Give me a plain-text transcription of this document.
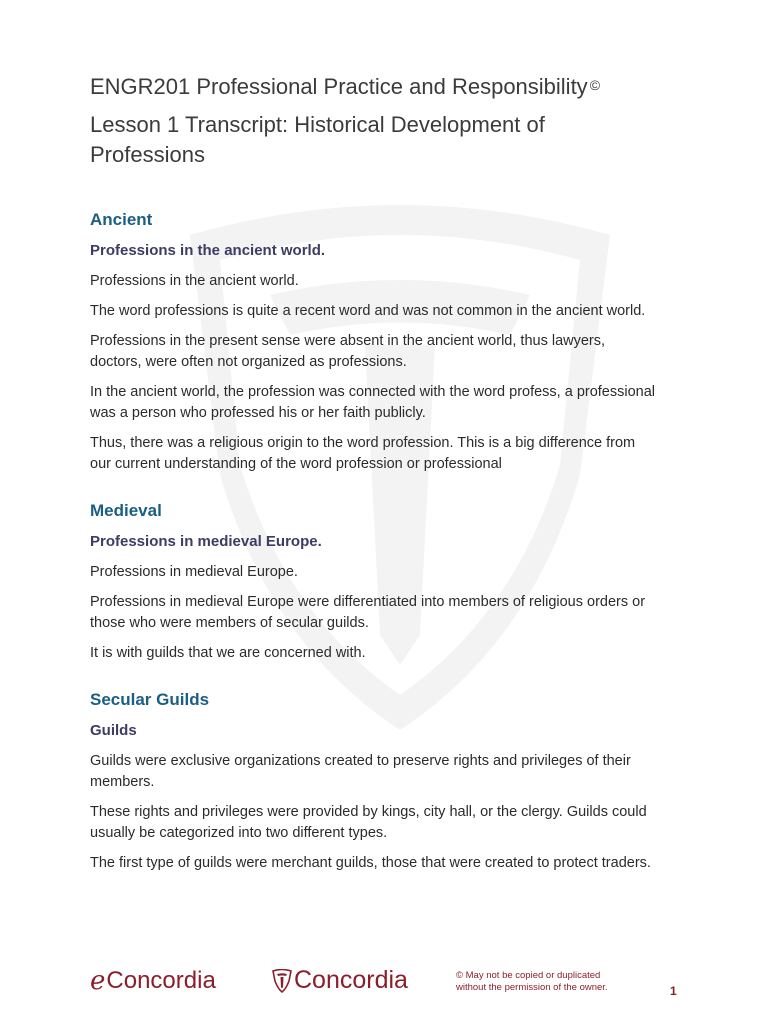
ENGR201 Professional Practice and Responsibility ©
Lesson 1 Transcript: Historical Development of
Professions
Ancient
Professions in the ancient world.

Professions in the ancient world.

The word professions is quite a recent word and was not common in the ancient world.

Professions in the present sense were absent in the ancient world, thus lawyers,

doctors, were often not organized as professions.

In the ancient world, the profession was connected with the word profess, a professional

was a person who professed his or her faith publicly.

Thus, there was a religious origin to the word profession. This is a big difference from

our current understanding of the word profession or professional

Medieval
Professions in medieval Europe.

Professions in medieval Europe.

Professions in medieval Europe were differentiated into members of religious orders or

those who were members of secular guilds.

It is with guilds that we are concerned with.

Secular Guilds
Guilds

Guilds were exclusive organizations created to preserve rights and privileges of their

members.

These rights and privileges were provided by kings, city hall, or the clergy. Guilds could

usually be categorized into two different types.

The first type of guilds were merchant guilds, those that were created to protect traders.

e Concordia	Concordia	© May not be copied or duplicated
without the permission of the owner.	1
